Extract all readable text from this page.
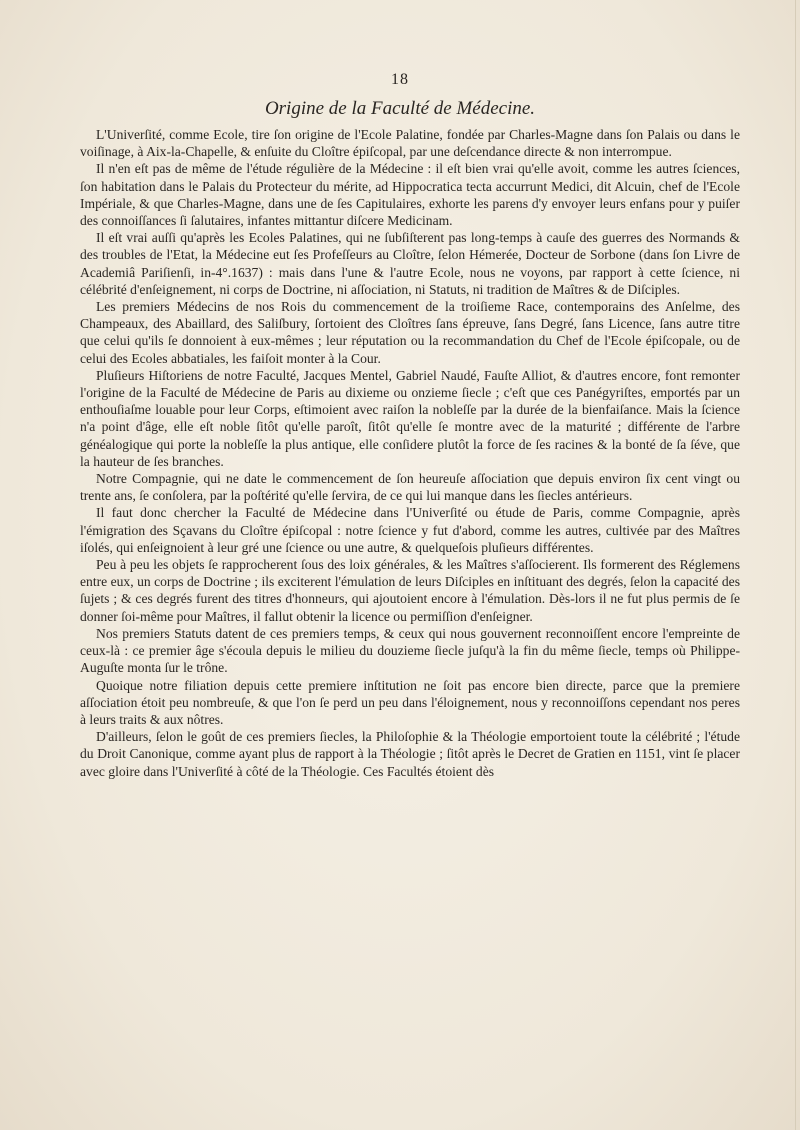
18
Origine de la Faculté de Médecine.

L'Univerſité, comme Ecole, tire ſon origine de l'Ecole Palatine, fondée par Charles-Magne dans ſon Palais ou dans le voiſinage, à Aix-la-Chapelle, & enſuite du Cloître épiſcopal, par une deſcendance directe & non interrompue.

Il n'en eſt pas de même de l'étude régulière de la Médecine : il eſt bien vrai qu'elle avoit, comme les autres ſciences, ſon habitation dans le Palais du Protecteur du mérite, ad Hippocratica tecta accurrunt Medici, dit Alcuin, chef de l'Ecole Impériale, & que Charles-Magne, dans une de ſes Capitulaires, exhorte les parens d'y envoyer leurs enfans pour y puiſer des connoiſſances ſi ſalutaires, infantes mittantur diſcere Medicinam.

Il eſt vrai auſſi qu'après les Ecoles Palatines, qui ne ſubſiſterent pas long-temps à cauſe des guerres des Normands & des troubles de l'Etat, la Médecine eut ſes Profeſſeurs au Cloître, ſelon Hémerée, Docteur de Sorbone (dans ſon Livre de Academiâ Pariſienſi, in-4°.1637) : mais dans l'une & l'autre Ecole, nous ne voyons, par rapport à cette ſcience, ni célébrité d'enſeignement, ni corps de Doctrine, ni aſſociation, ni Statuts, ni tradition de Maîtres & de Diſciples.

Les premiers Médecins de nos Rois du commencement de la troiſieme Race, contemporains des Anſelme, des Champeaux, des Abaillard, des Saliſbury, ſortoient des Cloîtres ſans épreuve, ſans Degré, ſans Licence, ſans autre titre que celui qu'ils ſe donnoient à eux-mêmes ; leur réputation ou la recommandation du Chef de l'Ecole épiſcopale, ou de celui des Ecoles abbatiales, les faiſoit monter à la Cour.

Pluſieurs Hiſtoriens de notre Faculté, Jacques Mentel, Gabriel Naudé, Fauſte Alliot, & d'autres encore, font remonter l'origine de la Faculté de Médecine de Paris au dixieme ou onzieme ſiecle ; c'eſt que ces Panégyriſtes, emportés par un enthouſiaſme louable pour leur Corps, eſtimoient avec raiſon la nobleſſe par la durée de la bienfaiſance. Mais la ſcience n'a point d'âge, elle eſt noble ſitôt qu'elle paroît, ſitôt qu'elle ſe montre avec de la maturité ; différente de l'arbre généalogique qui porte la nobleſſe la plus antique, elle conſidere plutôt la force de ſes racines & la bonté de ſa ſéve, que la hauteur de ſes branches.

Notre Compagnie, qui ne date le commencement de ſon heureuſe aſſociation que depuis environ ſix cent vingt ou trente ans, ſe conſolera, par la poſtérité qu'elle ſervira, de ce qui lui manque dans les ſiecles antérieurs.

Il faut donc chercher la Faculté de Médecine dans l'Univerſité ou étude de Paris, comme Compagnie, après l'émigration des Sçavans du Cloître épiſcopal : notre ſcience y fut d'abord, comme les autres, cultivée par des Maîtres iſolés, qui enſeignoient à leur gré une ſcience ou une autre, & quelqueſois pluſieurs différentes.

Peu à peu les objets ſe rapprocherent ſous des loix générales, & les Maîtres s'aſſocierent. Ils formerent des Réglemens entre eux, un corps de Doctrine ; ils exciterent l'émulation de leurs Diſciples en inſtituant des degrés, ſelon la capacité des ſujets ; & ces degrés furent des titres d'honneurs, qui ajoutoient encore à l'émulation. Dès-lors il ne fut plus permis de ſe donner ſoi-même pour Maîtres, il fallut obtenir la licence ou permiſſion d'enſeigner.

Nos premiers Statuts datent de ces premiers temps, & ceux qui nous gouvernent reconnoiſſent encore l'empreinte de ceux-là : ce premier âge s'écoula depuis le milieu du douzieme ſiecle juſqu'à la fin du même ſiecle, temps où Philippe-Auguſte monta ſur le trône.

Quoique notre filiation depuis cette premiere inſtitution ne ſoit pas encore bien directe, parce que la premiere aſſociation étoit peu nombreuſe, & que l'on ſe perd un peu dans l'éloignement, nous y reconnoiſſons cependant nos peres à leurs traits & aux nôtres.

D'ailleurs, ſelon le goût de ces premiers ſiecles, la Philoſophie & la Théologie emportoient toute la célébrité ; l'étude du Droit Canonique, comme ayant plus de rapport à la Théologie ; ſitôt après le Decret de Gratien en 1151, vint ſe placer avec gloire dans l'Univerſité à côté de la Théologie. Ces Facultés étoient dès
